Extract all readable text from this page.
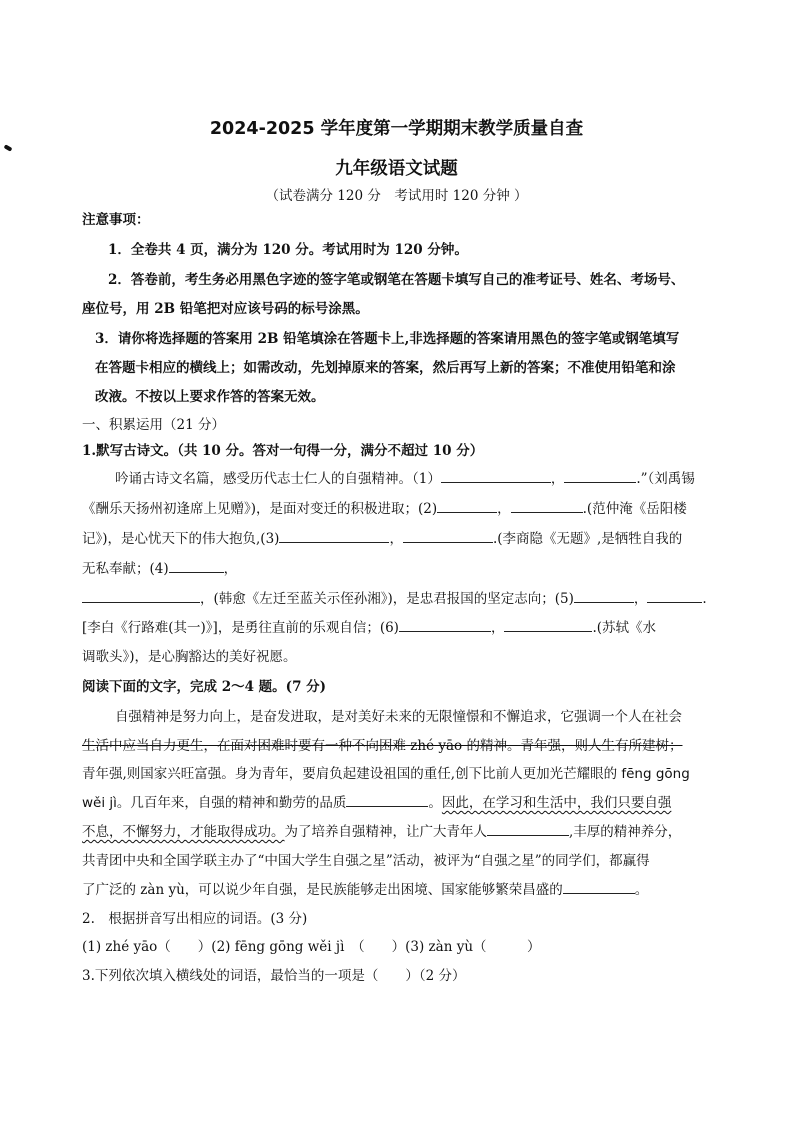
2024-2025 学年度第一学期期末教学质量自查
九年级语文试题
（试卷满分 120 分　考试用时 120 分钟 ）
注意事项：
1．全卷共 4 页，满分为 120 分。考试用时为 120 分钟。
2．答卷前，考生务必用黑色字迹的签字笔或钢笔在答题卡填写自己的准考证号、姓名、考场号、
座位号，用 2B 铅笔把对应该号码的标号涂黑。
3．请你将选择题的答案用 2B 铅笔填涂在答题卡上,非选择题的答案请用黑色的签字笔或钢笔填写
在答题卡相应的横线上；如需改动，先划掉原来的答案，然后再写上新的答案；不准使用铅笔和涂
改液。不按以上要求作答的答案无效。
一、积累运用（21 分）
1.默写古诗文。（共 10 分。答对一句得一分，满分不超过 10 分）
吟诵古诗文名篇，感受历代志士仁人的自强精神。（1）	，	.”（刘禹锡
《酬乐天扬州初逢席上见赠》)，是面对变迁的积极进取；(2)	，	.(范仲淹《岳阳楼
记》)，是心忧天下的伟大抱负,(3)	，	.(李商隐《无题》,是牺牲自我的
无私奉献；(4)	，
，(韩愈《左迁至蓝关示侄孙湘》)，是忠君报国的坚定志向；(5)	，	.
[李白《行路难(其一)》]，是勇往直前的乐观自信；(6)	，	.(苏轼《水
调歌头》)，是心胸豁达的美好祝愿。
阅读下面的文字，完成 2～4 题。(7 分)
自强精神是努力向上，是奋发进取，是对美好未来的无限憧憬和不懈追求，它强调一个人在社会
生活中应当自力更生，在面对困难时要有一种不向困难 zhé yāo 的精神。青年强，则人生有所建树；
青年强,则国家兴旺富强。身为青年，要肩负起建设祖国的重任,创下比前人更加光芒耀眼的 fēng gōng
wěi jì。几百年来，自强的精神和勤劳的品质	。因此，在学习和生活中，我们只要自强
不息，不懈努力，才能取得成功。为了培养自强精神，让广大青年人	,丰厚的精神养分，
共青团中央和全国学联主办了“中国大学生自强之星”活动，被评为“自强之星”的同学们，都赢得
了广泛的 zàn yù，可以说少年自强，是民族能够走出困境、国家能够繁荣昌盛的	。
2.　根据拼音写出相应的词语。(3 分)
(1) zhé yāo（　　）(2) fēng gōng wěi jì　（　　）(3) zàn yù（　　　）
3.下列依次填入横线处的词语，最恰当的一项是（　　）（2 分）
